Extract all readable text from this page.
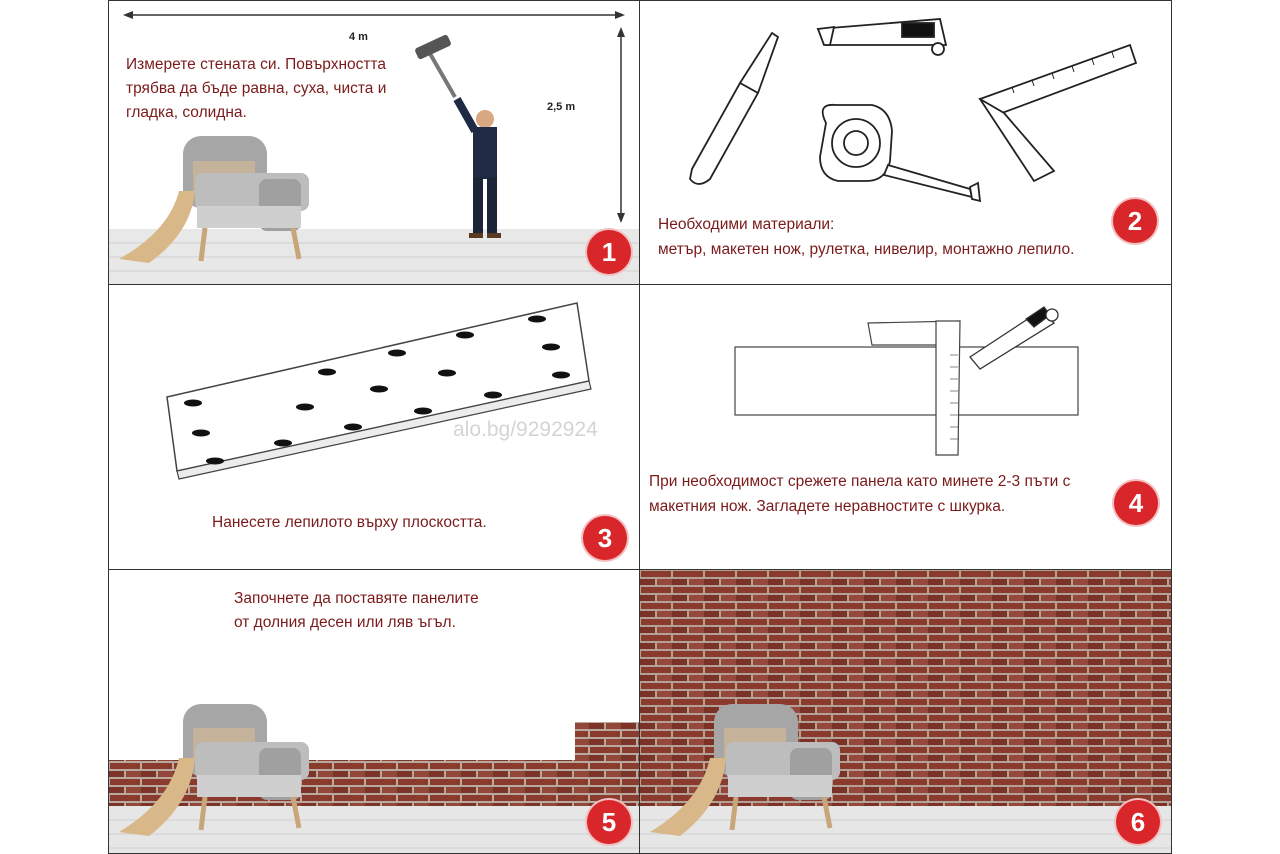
4 m
2,5 m
Измерете стената си. Повърхността
трябва да бъде равна, суха, чиста и
гладка, солидна.
1
Необходими материали:
метър, макетен нож, рулетка, нивелир, монтажно лепило.
2
alo.bg/9292924
Нанесете лепилото върху плоскостта.
3
При необходимост срежете панела като минете 2-3 пъти с
макетния нож. Загладете неравностите с шкурка.	4
Започнете да поставяте панелите
от долния десен или ляв ъгъл.
5	6
